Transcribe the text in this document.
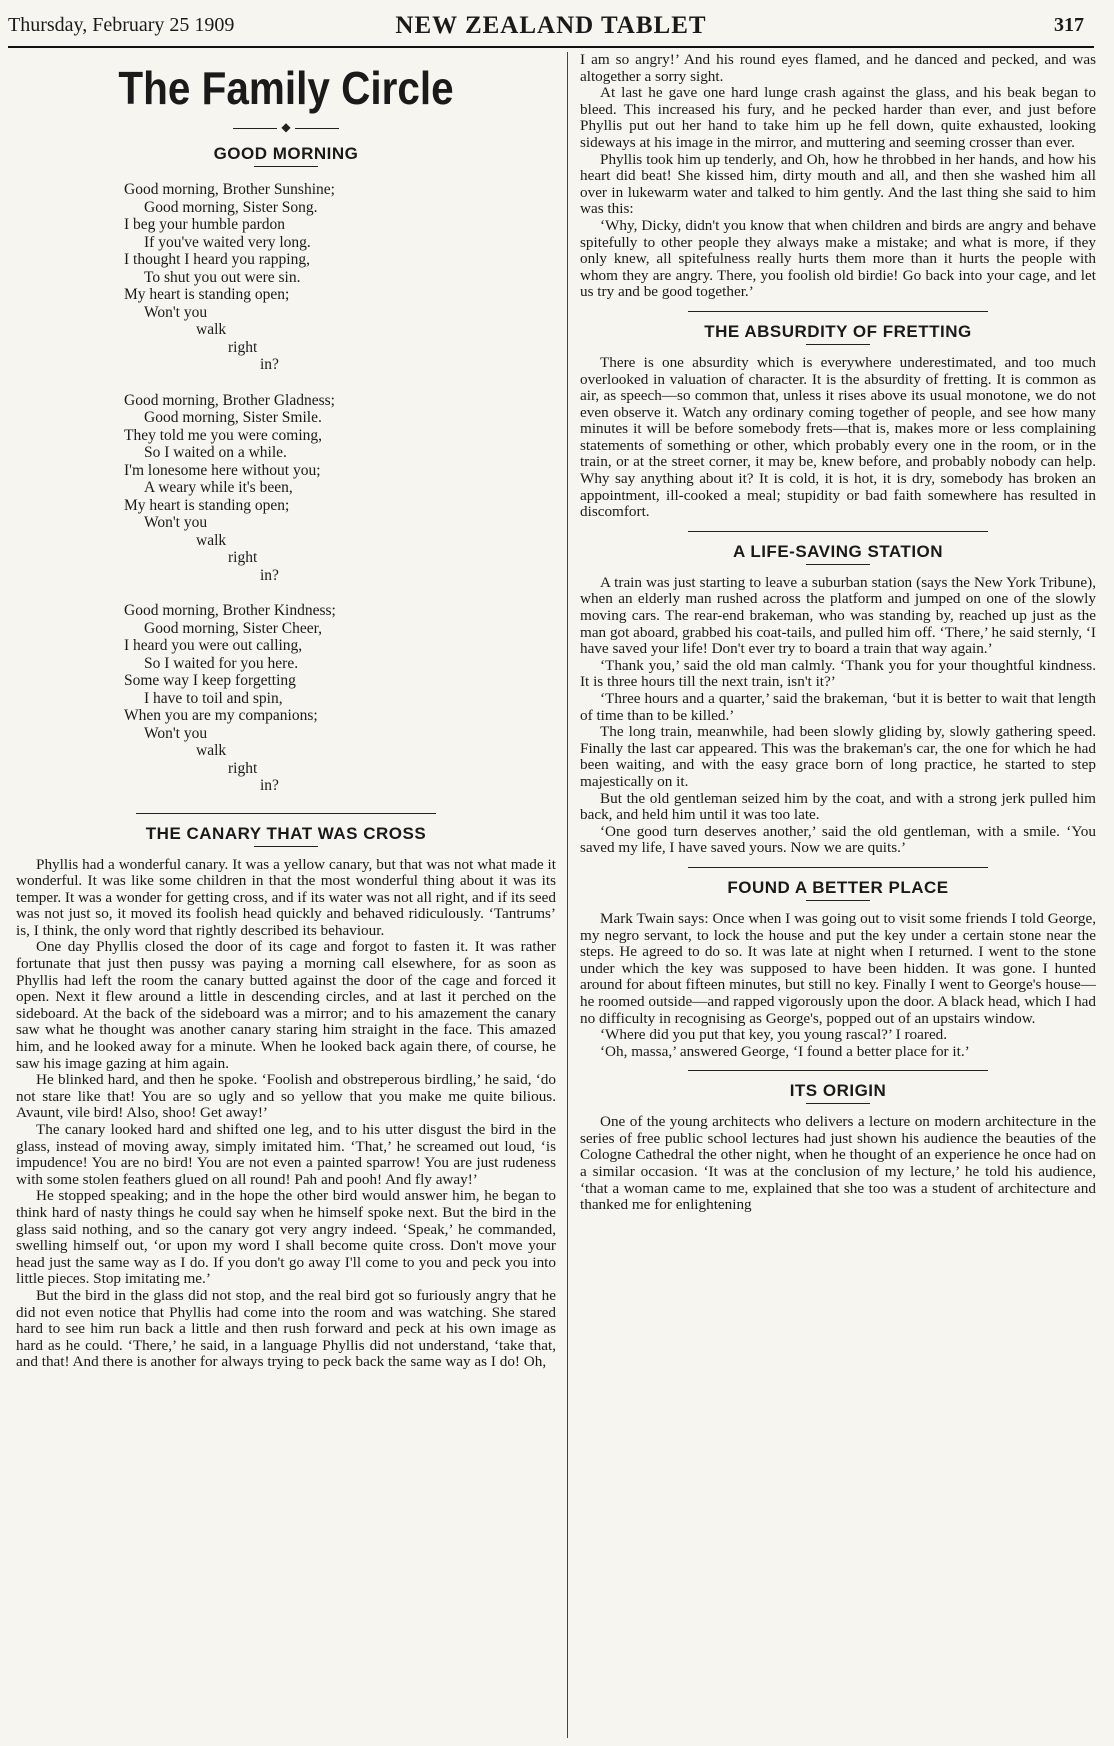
Thursday, February 25 1909	NEW ZEALAND TABLET	317
The Family Circle
◆
GOOD MORNING
Good morning, Brother Sunshine;
Good morning, Sister Song.
I beg your humble pardon
If you've waited very long.
I thought I heard you rapping,
To shut you out were sin.
My heart is standing open;
Won't you
walk
right
in?
Good morning, Brother Gladness;
Good morning, Sister Smile.
They told me you were coming,
So I waited on a while.
I'm lonesome here without you;
A weary while it's been,
My heart is standing open;
Won't you
walk
right
in?
Good morning, Brother Kindness;
Good morning, Sister Cheer,
I heard you were out calling,
So I waited for you here.
Some way I keep forgetting
I have to toil and spin,
When you are my companions;
Won't you
walk
right
in?
THE CANARY THAT WAS CROSS

Phyllis had a wonderful canary. It was a yellow canary, but that was not what made it wonderful. It was like some children in that the most wonderful thing about it was its temper. It was a wonder for getting cross, and if its water was not all right, and if its seed was not just so, it moved its foolish head quickly and behaved ridiculously. ‘Tantrums’ is, I think, the only word that rightly described its behaviour.

One day Phyllis closed the door of its cage and forgot to fasten it. It was rather fortunate that just then pussy was paying a morning call elsewhere, for as soon as Phyllis had left the room the canary butted against the door of the cage and forced it open. Next it flew around a little in descending circles, and at last it perched on the sideboard. At the back of the sideboard was a mirror; and to his amazement the canary saw what he thought was another canary staring him straight in the face. This amazed him, and he looked away for a minute. When he looked back again there, of course, he saw his image gazing at him again.

He blinked hard, and then he spoke. ‘Foolish and obstreperous birdling,’ he said, ‘do not stare like that! You are so ugly and so yellow that you make me quite bilious. Avaunt, vile bird! Also, shoo! Get away!’

The canary looked hard and shifted one leg, and to his utter disgust the bird in the glass, instead of moving away, simply imitated him. ‘That,’ he screamed out loud, ‘is impudence! You are no bird! You are not even a painted sparrow! You are just rudeness with some stolen feathers glued on all round! Pah and pooh! And fly away!’

He stopped speaking; and in the hope the other bird would answer him, he began to think hard of nasty things he could say when he himself spoke next. But the bird in the glass said nothing, and so the canary got very angry indeed. ‘Speak,’ he commanded, swelling himself out, ‘or upon my word I shall become quite cross. Don't move your head just the same way as I do. If you don't go away I'll come to you and peck you into little pieces. Stop imitating me.’

But the bird in the glass did not stop, and the real bird got so furiously angry that he did not even notice that Phyllis had come into the room and was watching. She stared hard to see him run back a little and then rush forward and peck at his own image as hard as he could. ‘There,’ he said, in a language Phyllis did not understand, ‘take that, and that! And there is another for always trying to peck back the same way as I do! Oh,

I am so angry!’ And his round eyes flamed, and he danced and pecked, and was altogether a sorry sight.

At last he gave one hard lunge crash against the glass, and his beak began to bleed. This increased his fury, and he pecked harder than ever, and just before Phyllis put out her hand to take him up he fell down, quite exhausted, looking sideways at his image in the mirror, and muttering and seeming crosser than ever.

Phyllis took him up tenderly, and Oh, how he throbbed in her hands, and how his heart did beat! She kissed him, dirty mouth and all, and then she washed him all over in lukewarm water and talked to him gently. And the last thing she said to him was this:

‘Why, Dicky, didn't you know that when children and birds are angry and behave spitefully to other people they always make a mistake; and what is more, if they only knew, all spitefulness really hurts them more than it hurts the people with whom they are angry. There, you foolish old birdie! Go back into your cage, and let us try and be good together.’

THE ABSURDITY OF FRETTING

There is one absurdity which is everywhere underestimated, and too much overlooked in valuation of character. It is the absurdity of fretting. It is common as air, as speech—so common that, unless it rises above its usual monotone, we do not even observe it. Watch any ordinary coming together of people, and see how many minutes it will be before somebody frets—that is, makes more or less complaining statements of something or other, which probably every one in the room, or in the train, or at the street corner, it may be, knew before, and probably nobody can help. Why say anything about it? It is cold, it is hot, it is dry, somebody has broken an appointment, ill-cooked a meal; stupidity or bad faith somewhere has resulted in discomfort.

A LIFE-SAVING STATION

A train was just starting to leave a suburban station (says the New York Tribune), when an elderly man rushed across the platform and jumped on one of the slowly moving cars. The rear-end brakeman, who was standing by, reached up just as the man got aboard, grabbed his coat-tails, and pulled him off. ‘There,’ he said sternly, ‘I have saved your life! Don't ever try to board a train that way again.’

‘Thank you,’ said the old man calmly. ‘Thank you for your thoughtful kindness. It is three hours till the next train, isn't it?’

‘Three hours and a quarter,’ said the brakeman, ‘but it is better to wait that length of time than to be killed.’

The long train, meanwhile, had been slowly gliding by, slowly gathering speed. Finally the last car appeared. This was the brakeman's car, the one for which he had been waiting, and with the easy grace born of long practice, he started to step majestically on it.

But the old gentleman seized him by the coat, and with a strong jerk pulled him back, and held him until it was too late.

‘One good turn deserves another,’ said the old gentleman, with a smile. ‘You saved my life, I have saved yours. Now we are quits.’

FOUND A BETTER PLACE

Mark Twain says: Once when I was going out to visit some friends I told George, my negro servant, to lock the house and put the key under a certain stone near the steps. He agreed to do so. It was late at night when I returned. I went to the stone under which the key was supposed to have been hidden. It was gone. I hunted around for about fifteen minutes, but still no key. Finally I went to George's house—he roomed outside—and rapped vigorously upon the door. A black head, which I had no difficulty in recognising as George's, popped out of an upstairs window.

‘Where did you put that key, you young rascal?’ I roared.

‘Oh, massa,’ answered George, ‘I found a better place for it.’

ITS ORIGIN

One of the young architects who delivers a lecture on modern architecture in the series of free public school lectures had just shown his audience the beauties of the Cologne Cathedral the other night, when he thought of an experience he once had on a similar occasion. ‘It was at the conclusion of my lecture,’ he told his audience, ‘that a woman came to me, explained that she too was a student of architecture and thanked me for enlightening
